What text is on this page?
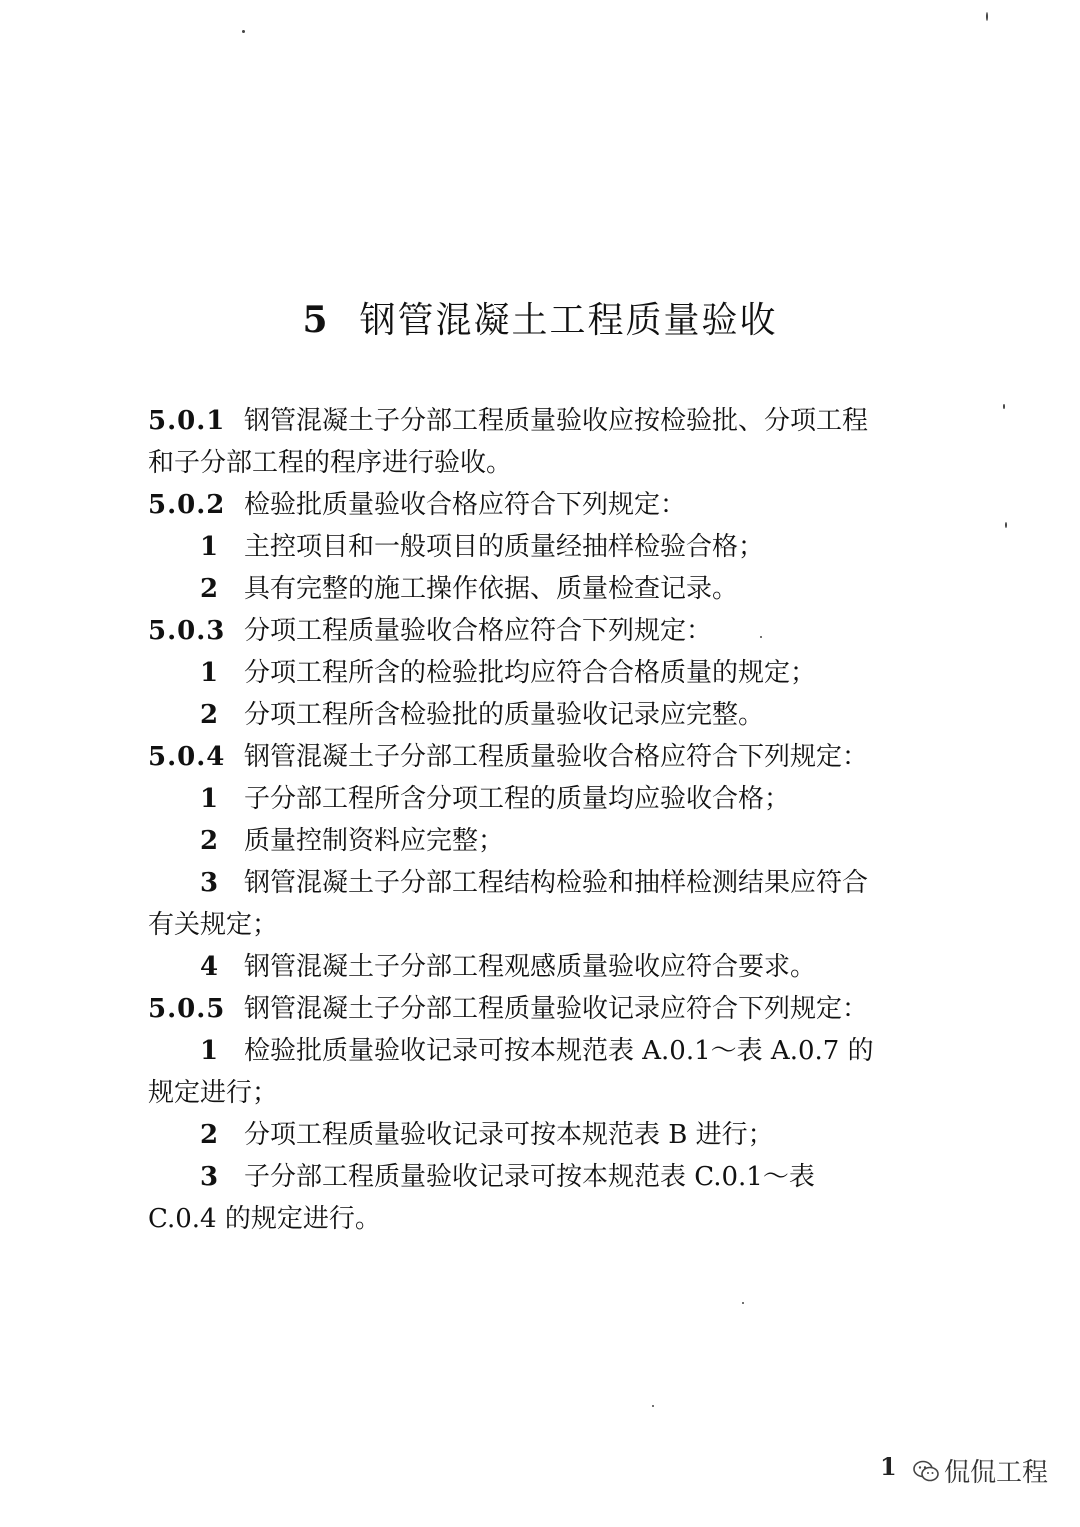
5 钢管混凝土工程质量验收
5.0.1 钢管混凝土子分部工程质量验收应按检验批、分项工程
和子分部工程的程序进行验收。
5.0.2 检验批质量验收合格应符合下列规定：
1 主控项目和一般项目的质量经抽样检验合格；
2 具有完整的施工操作依据、质量检查记录。
5.0.3 分项工程质量验收合格应符合下列规定：
1 分项工程所含的检验批均应符合合格质量的规定；
2 分项工程所含检验批的质量验收记录应完整。
5.0.4 钢管混凝土子分部工程质量验收合格应符合下列规定：
1 子分部工程所含分项工程的质量均应验收合格；
2 质量控制资料应完整；
3 钢管混凝土子分部工程结构检验和抽样检测结果应符合
有关规定；
4 钢管混凝土子分部工程观感质量验收应符合要求。
5.0.5 钢管混凝土子分部工程质量验收记录应符合下列规定：
1 检验批质量验收记录可按本规范表 A.0.1～表 A.0.7 的
规定进行；
2 分项工程质量验收记录可按本规范表 B 进行；
3 子分部工程质量验收记录可按本规范表 C.0.1～表
C.0.4 的规定进行。
1 侃侃工程
